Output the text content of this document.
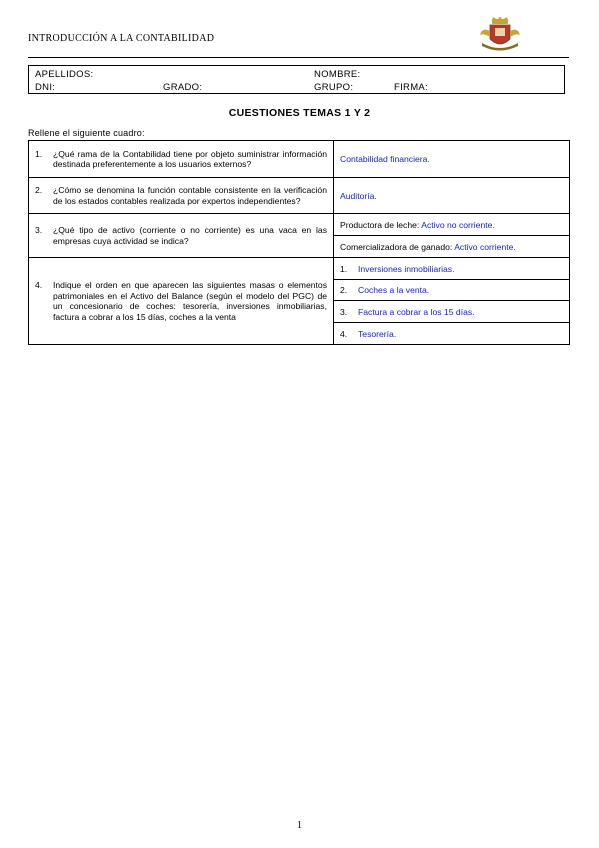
INTRODUCCIÓN A LA CONTABILIDAD
APELLIDOS:	NOMBRE:
DNI:	GRADO:	GRUPO:	FIRMA:
CUESTIONES TEMAS 1 Y 2
Rellene el siguiente cuadro:
1. ¿Qué rama de la Contabilidad tiene por objeto suministrar información destinada preferentemente a los usuarios externos?	Contabilidad financiera.

2. ¿Cómo se denomina la función contable consistente en la verificación de los estados contables realizada por expertos independientes?	Auditoría.

3. ¿Qué tipo de activo (corriente o no corriente) es una vaca en las empresas cuya actividad se indica?	Productora de leche: Activo no corriente.
	Comercializadora de ganado: Activo corriente.

4. Indique el orden en que aparecen las siguientes masas o elementos patrimoniales en el Activo del Balance (según el modelo del PGC) de un concesionario de coches: tesorería, inversiones inmobiliarias, factura a cobrar a los 15 días, coches a la venta	1. Inversiones inmobiliarias.
	2. Coches a la venta.
	3. Factura a cobrar a los 15 días.
	4. Tesorería.
1
